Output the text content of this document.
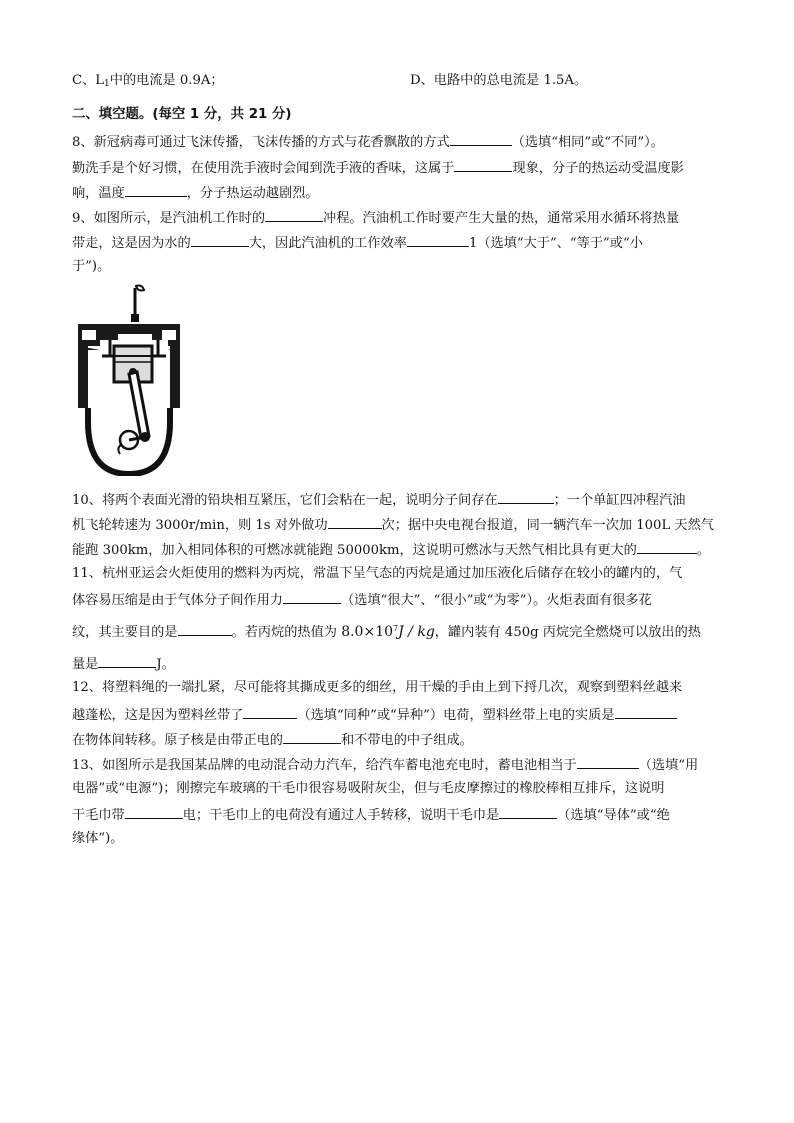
C、$L_1$中的电流是 0.9A；	D、电路中的总电流是 1.5A。
二、填空题。(每空 1 分，共 21 分)
8、新冠病毒可通过飞沫传播，飞沫传播的方式与花香飘散的方式	（选填“相同”或“不同”）。
勤洗手是个好习惯，在使用洗手液时会闻到洗手液的香味，这属于	现象，分子的热运动受温度影
响，温度	，分子热运动越剧烈。
9、如图所示，是汽油机工作时的	冲程。汽油机工作时要产生大量的热，通常采用水循环将热量
带走，这是因为水的	大，因此汽油机的工作效率	1（选填“大于”、“等于”或“小
于”)。
10、将两个表面光滑的铅块相互紧压，它们会粘在一起，说明分子间存在	；一个单缸四冲程汽油
机飞轮转速为 3000r/min，则 1s 对外做功	次；据中央电视台报道，同一辆汽车一次加 100L 天然气
能跑 300km，加入相同体积的可燃冰就能跑 50000km，这说明可燃冰与天然气相比具有更大的	。
11、杭州亚运会火炬使用的燃料为丙烷，常温下呈气态的丙烷是通过加压液化后储存在较小的罐内的，气
体容易压缩是由于气体分子间作用力	（选填“很大”、“很小”或“为零”）。火炬表面有很多花
纹，其主要目的是	。若丙烷的热值为 $8.0\times 10^7J$ / kg，罐内装有 450g 丙烷完全燃烧可以放出的热
量是	J。
12、将塑料绳的一端扎紧，尽可能将其撕成更多的细丝，用干燥的手由上到下捋几次，观察到塑料丝越来
越蓬松，这是因为塑料丝带了	（选填“同种”或“异种”）电荷，塑料丝带上电的实质是
在物体间转移。原子核是由带正电的	和不带电的中子组成。
13、如图所示是我国某品牌的电动混合动力汽车，给汽车蓄电池充电时，蓄电池相当于	（选填“用
电器”或“电源”)；刚擦完车玻璃的干毛巾很容易吸附灰尘，但与毛皮摩擦过的橡胶棒相互排斥，这说明
干毛巾带	电；干毛巾上的电荷没有通过人手转移，说明干毛巾是	（选填“导体”或“绝
缘体”)。
